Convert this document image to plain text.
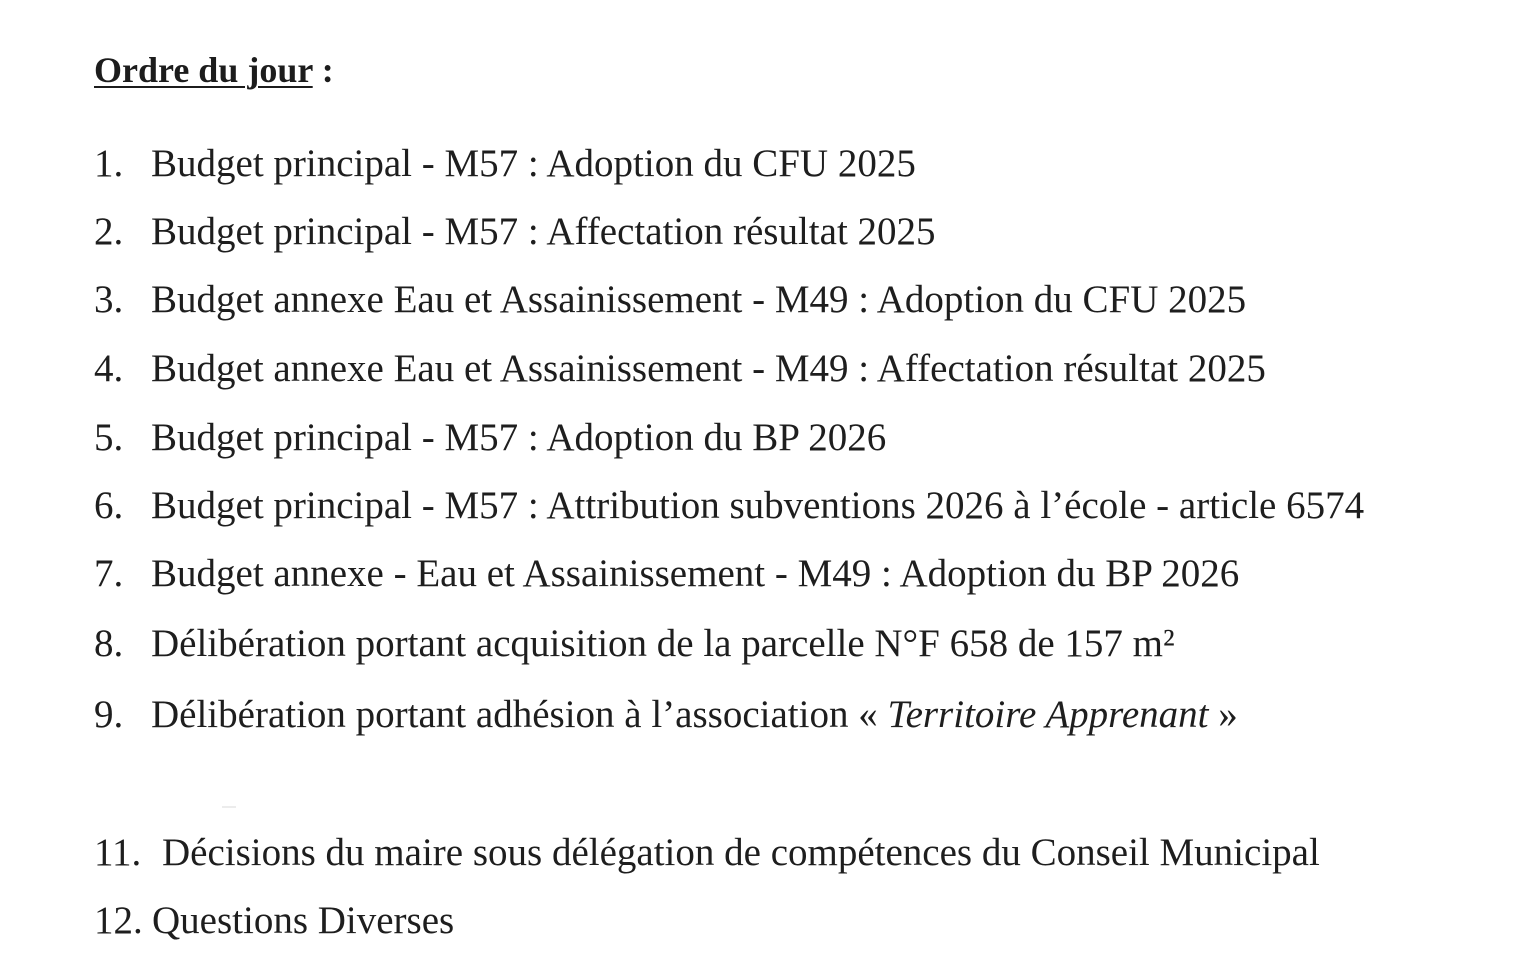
Ordre du jour :
1. Budget principal - M57 : Adoption du CFU 2025
2. Budget principal - M57 : Affectation résultat 2025
3. Budget annexe Eau et Assainissement - M49 : Adoption du CFU 2025
4. Budget annexe Eau et Assainissement - M49 : Affectation résultat 2025
5. Budget principal - M57 : Adoption du BP 2026
6. Budget principal - M57 : Attribution subventions 2026 à l’école - article 6574
7. Budget annexe - Eau et Assainissement - M49 : Adoption du BP 2026
8. Délibération portant acquisition de la parcelle N°F 658 de 157 m²
9. Délibération portant adhésion à l’association « Territoire Apprenant »
11. Décisions du maire sous délégation de compétences du Conseil Municipal
12. Questions Diverses
